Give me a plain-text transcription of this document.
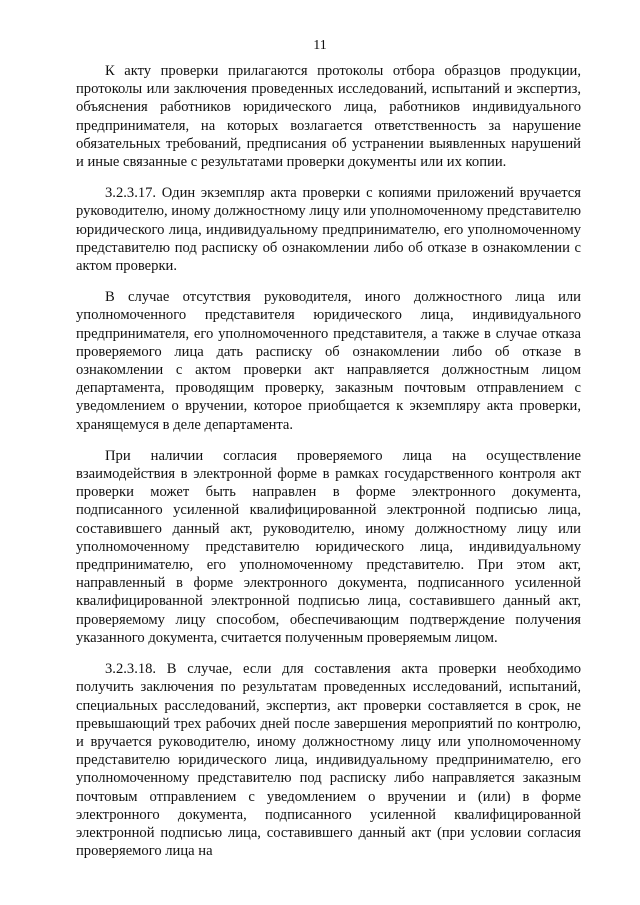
11

К акту проверки прилагаются протоколы отбора образцов продукции, протоколы или заключения проведенных исследований, испытаний и экспертиз, объяснения работников юридического лица, работников индивидуального предпринимателя, на которых возлагается ответственность за нарушение обязательных требований, предписания об устранении выявленных нарушений и иные связанные с результатами проверки документы или их копии.

3.2.3.17. Один экземпляр акта проверки с копиями приложений вручается руководителю, иному должностному лицу или уполномоченному представителю юридического лица, индивидуальному предпринимателю, его уполномоченному представителю под расписку об ознакомлении либо об отказе в ознакомлении с актом проверки.

В случае отсутствия руководителя, иного должностного лица или уполномоченного представителя юридического лица, индивидуального предпринимателя, его уполномоченного представителя, а также в случае отказа проверяемого лица дать расписку об ознакомлении либо об отказе в ознакомлении с актом проверки акт направляется должностным лицом департамента, проводящим проверку, заказным почтовым отправлением с уведомлением о вручении, которое приобщается к экземпляру акта проверки, хранящемуся в деле департамента.

При наличии согласия проверяемого лица на осуществление взаимодействия в электронной форме в рамках государственного контроля акт проверки может быть направлен в форме электронного документа, подписанного усиленной квалифицированной электронной подписью лица, составившего данный акт, руководителю, иному должностному лицу или уполномоченному представителю юридического лица, индивидуальному предпринимателю, его уполномоченному представителю. При этом акт, направленный в форме электронного документа, подписанного усиленной квалифицированной электронной подписью лица, составившего данный акт, проверяемому лицу способом, обеспечивающим подтверждение получения указанного документа, считается полученным проверяемым лицом.

3.2.3.18. В случае, если для составления акта проверки необходимо получить заключения по результатам проведенных исследований, испытаний, специальных расследований, экспертиз, акт проверки составляется в срок, не превышающий трех рабочих дней после завершения мероприятий по контролю, и вручается руководителю, иному должностному лицу или уполномоченному представителю юридического лица, индивидуальному предпринимателю, его уполномоченному представителю под расписку либо направляется заказным почтовым отправлением с уведомлением о вручении и (или) в форме электронного документа, подписанного усиленной квалифицированной электронной подписью лица, составившего данный акт (при условии согласия проверяемого лица на
